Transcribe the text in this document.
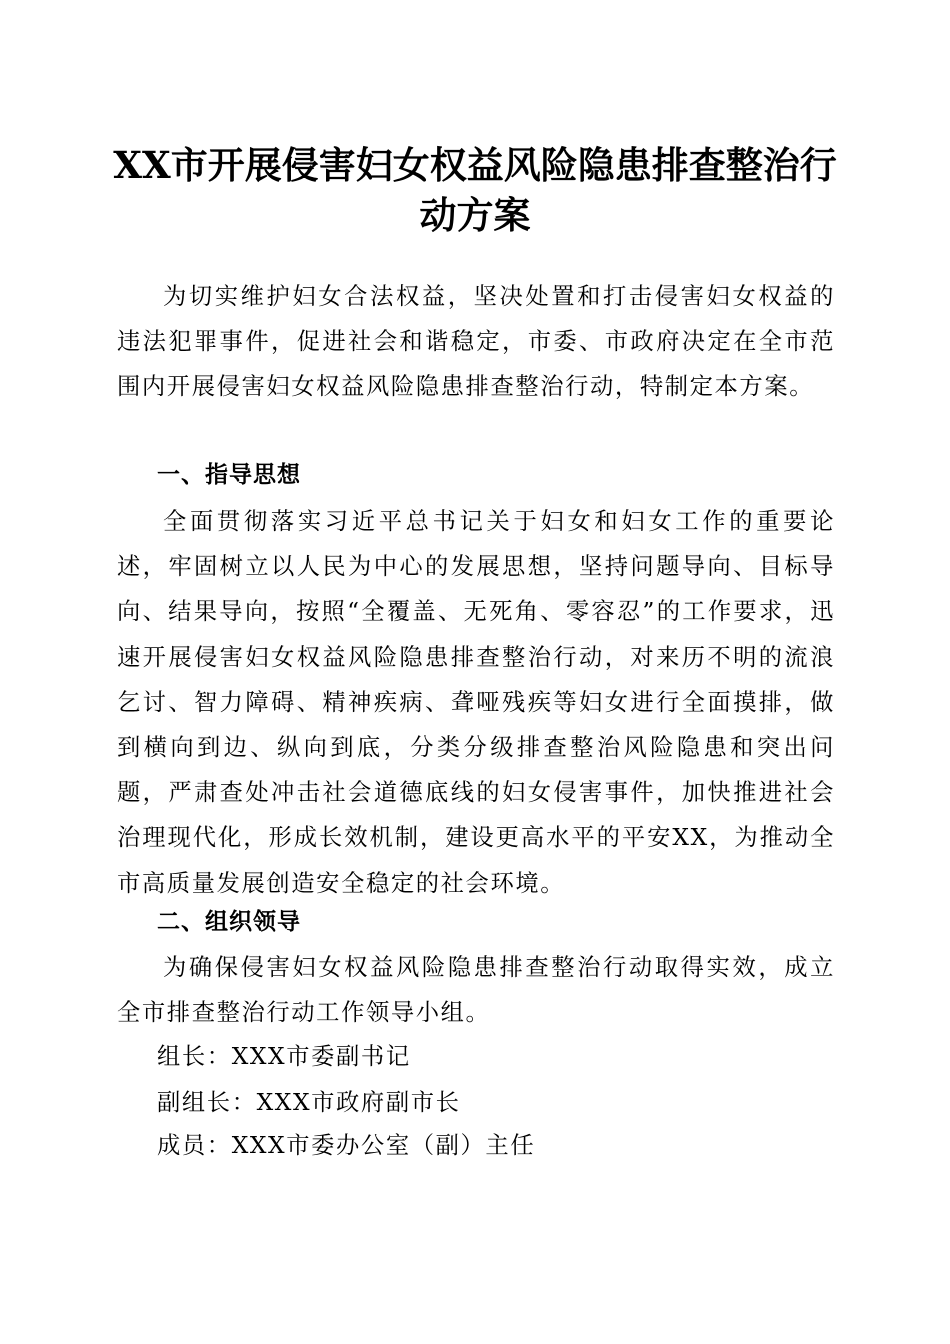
XX市开展侵害妇女权益风险隐患排查整治行
动方案

为切实维护妇女合法权益，坚决处置和打击侵害妇女权益的违法犯罪事件，促进社会和谐稳定，市委、市政府决定在全市范围内开展侵害妇女权益风险隐患排查整治行动，特制定本方案。

一、指导思想

全面贯彻落实习近平总书记关于妇女和妇女工作的重要论述，牢固树立以人民为中心的发展思想，坚持问题导向、目标导向、结果导向，按照“全覆盖、无死角、零容忍”的工作要求，迅速开展侵害妇女权益风险隐患排查整治行动，对来历不明的流浪乞讨、智力障碍、精神疾病、聋哑残疾等妇女进行全面摸排，做到横向到边、纵向到底，分类分级排查整治风险隐患和突出问题，严肃查处冲击社会道德底线的妇女侵害事件，加快推进社会治理现代化，形成长效机制，建设更高水平的平安XX，为推动全市高质量发展创造安全稳定的社会环境。

二、组织领导

为确保侵害妇女权益风险隐患排查整治行动取得实效，成立全市排查整治行动工作领导小组。

组长：XXX市委副书记

副组长：XXX市政府副市长

成员：XXX市委办公室（副）主任
